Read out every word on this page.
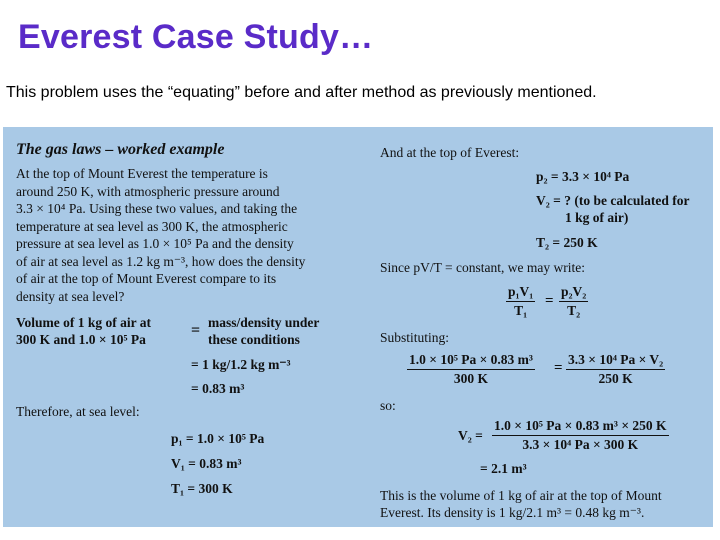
Everest Case Study…

This problem uses the “equating” before and after method as previously mentioned.

The gas laws – worked example

At the top of Mount Everest the temperature is
around 250 K, with atmospheric pressure around
3.3 × 10⁴ Pa. Using these two values, and taking the
temperature at sea level as 300 K, the atmospheric
pressure at sea level as 1.0 × 10⁵ Pa and the density
of air at sea level as 1.2 kg m⁻³, how does the density
of air at the top of Mount Everest compare to its
density at sea level?

Volume of 1 kg of air at

300 K and 1.0 × 10⁵ Pa

= mass/density under

these conditions

= 1 kg/1.2 kg m⁻³

= 0.83 m³

Therefore, at sea level:

p₁ = 1.0 × 10⁵ Pa

V₁ = 0.83 m³

T₁ = 300 K

And at the top of Everest:

p₂ = 3.3 × 10⁴ Pa

V₂ = ? (to be calculated for

1 kg of air)

T₂ = 250 K

Since pV/T = constant, we may write:

$\frac{\text{p₁V₁}}{\text{T₁}} = \frac{\text{p₂V₂}}{\text{T₂}}$

Substituting:

$\frac{\text{1.0 × 10⁵ Pa × 0.83 m³}}{300 K} = \frac{\text{3.3 × 10⁴ Pa × V₂}}{250 K}$

so:

$V_2 = \frac{\text{1.0 × 10⁵ Pa × 0.83 m³ × 250 K}}{\text{3.3 × 10⁴ Pa × 300 K}}$

= 2.1 m³

This is the volume of 1 kg of air at the top of Mount

Everest. Its density is 1 kg/2.1 m³ = 0.48 kg m⁻³.
